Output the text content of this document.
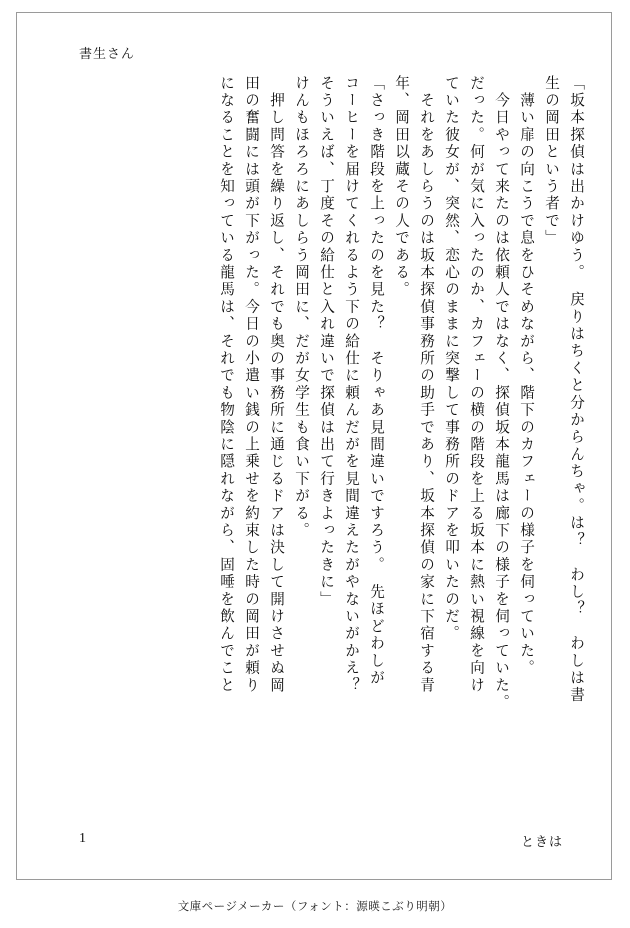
書生さん
「坂本探偵は出かけゆう。　戻りはちくと分からんちゃ。は？　わし？　わしは書
生の岡田という者で」
　薄い扉の向こうで息をひそめながら、階下のカフェーの様子を伺っていた。
　今日やって来たのは依頼人ではなく、探偵坂本龍馬は廊下の様子を伺っていた。
だった。何が気に入ったのか、カフェーの横の階段を上る坂本に熱い視線を向け
ていた彼女が、突然、恋心のままに突撃して事務所のドアを叩いたのだ。
　それをあしらうのは坂本探偵事務所の助手であり、坂本探偵の家に下宿する青
年、岡田以蔵その人である。
「さっき階段を上ったのを見た？　そりゃあ見間違いですろう。　先ほどわしが
コーヒーを届けてくれるよう下の給仕に頼んだがを見間違えたがやないがかえ？
そういえば、丁度その給仕と入れ違いで探偵は出て行きよったきに」
けんもほろろにあしらう岡田に、だが女学生も食い下がる。
　押し問答を繰り返し、それでも奥の事務所に通じるドアは決して開けさせぬ岡
田の奮闘には頭が下がった。今日の小遣い銭の上乗せを約束した時の岡田が頼り
になることを知っている龍馬は、それでも物陰に隠れながら、固唾を飲んでこと
1	ときは
文庫ページメーカー（フォント：源暎こぶり明朝）
